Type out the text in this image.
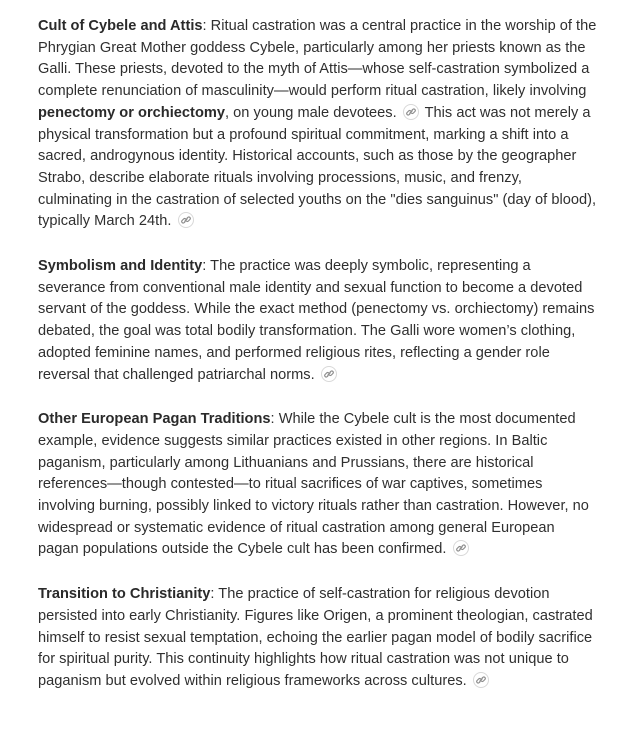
Cult of Cybele and Attis: Ritual castration was a central practice in the worship of the Phrygian Great Mother goddess Cybele, particularly among her priests known as the Galli. These priests, devoted to the myth of Attis—whose self-castration symbolized a complete renunciation of masculinity—would perform ritual castration, likely involving penectomy or orchiectomy, on young male devotees.
This act was not merely a physical transformation but a profound spiritual commitment, marking a shift into a sacred, androgynous identity. Historical accounts, such as those by the geographer Strabo, describe elaborate rituals involving processions, music, and frenzy, culminating in the castration of selected youths on the "dies sanguinus" (day of blood), typically March 24th.

Symbolism and Identity: The practice was deeply symbolic, representing a severance from conventional male identity and sexual function to become a devoted servant of the goddess. While the exact method (penectomy vs. orchiectomy) remains debated, the goal was total bodily transformation. The Galli wore women’s clothing, adopted feminine names, and performed religious rites, reflecting a gender role reversal that challenged patriarchal norms.

Other European Pagan Traditions: While the Cybele cult is the most documented example, evidence suggests similar practices existed in other regions. In Baltic paganism, particularly among Lithuanians and Prussians, there are historical references—though contested—to ritual sacrifices of war captives, sometimes involving burning, possibly linked to victory rituals rather than castration. However, no widespread or systematic evidence of ritual castration among general European pagan populations outside the Cybele cult has been confirmed.

Transition to Christianity: The practice of self-castration for religious devotion persisted into early Christianity. Figures like Origen, a prominent theologian, castrated himself to resist sexual temptation, echoing the earlier pagan model of bodily sacrifice for spiritual purity. This continuity highlights how ritual castration was not unique to paganism but evolved within religious frameworks across cultures.
